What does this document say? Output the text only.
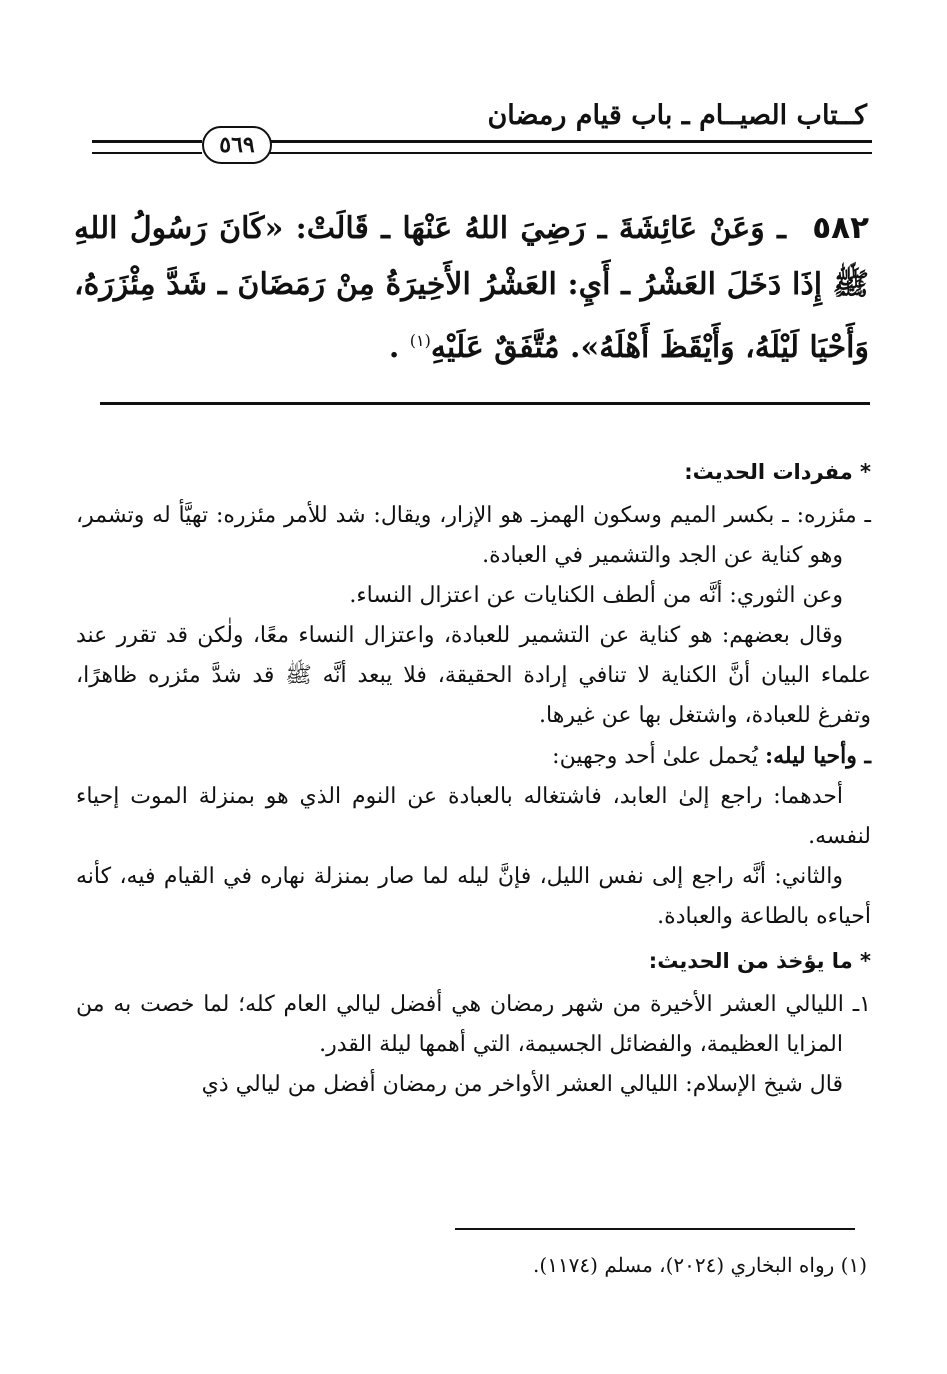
كــتاب الصيــام ـ باب قيام رمضان
٥٦٩
٥٨٢ ـ وَعَنْ عَائِشَةَ ـ رَضِيَ اللهُ عَنْهَا ـ قَالَتْ: «كَانَ رَسُولُ اللهِ ﷺ إِذَا دَخَلَ العَشْرُ ـ أَيِ: العَشْرُ الأَخِيرَةُ مِنْ رَمَضَانَ ـ شَدَّ مِئْزَرَهُ، وَأَحْيَا لَيْلَهُ، وَأَيْقَظَ أَهْلَهُ». مُتَّفَقٌ عَلَيْهِ$^{(١)}$ .
* مفردات الحديث:

ـ مئزره: ـ بكسر الميم وسكون الهمزـ هو الإزار، ويقال: شد للأمر مئزره: تهيَّأ له وتشمر، وهو كناية عن الجد والتشمير في العبادة.

وعن الثوري: أنَّه من ألطف الكنايات عن اعتزال النساء.

وقال بعضهم: هو كناية عن التشمير للعبادة، واعتزال النساء معًا، ولٰكن قد تقرر عند علماء البيان أنَّ الكناية لا تنافي إرادة الحقيقة، فلا يبعد أنَّه ﷺ قد شدَّ مئزره ظاهرًا، وتفرغ للعبادة، واشتغل بها عن غيرها.

ـ وأحيا ليله: يُحمل علىٰ أحد وجهين:

أحدهما: راجع إلىٰ العابد، فاشتغاله بالعبادة عن النوم الذي هو بمنزلة الموت إحياء لنفسه.

والثاني: أنَّه راجع إلى نفس الليل، فإنَّ ليله لما صار بمنزلة نهاره في القيام فيه، كأنه أحياءه بالطاعة والعبادة.

* ما يؤخذ من الحديث:

١ـ الليالي العشر الأخيرة من شهر رمضان هي أفضل ليالي العام كله؛ لما خصت به من المزايا العظيمة، والفضائل الجسيمة، التي أهمها ليلة القدر.

قال شيخ الإسلام: الليالي العشر الأواخر من رمضان أفضل من ليالي ذي

(١) رواه البخاري (٢٠٢٤)، مسلم (١١٧٤).
